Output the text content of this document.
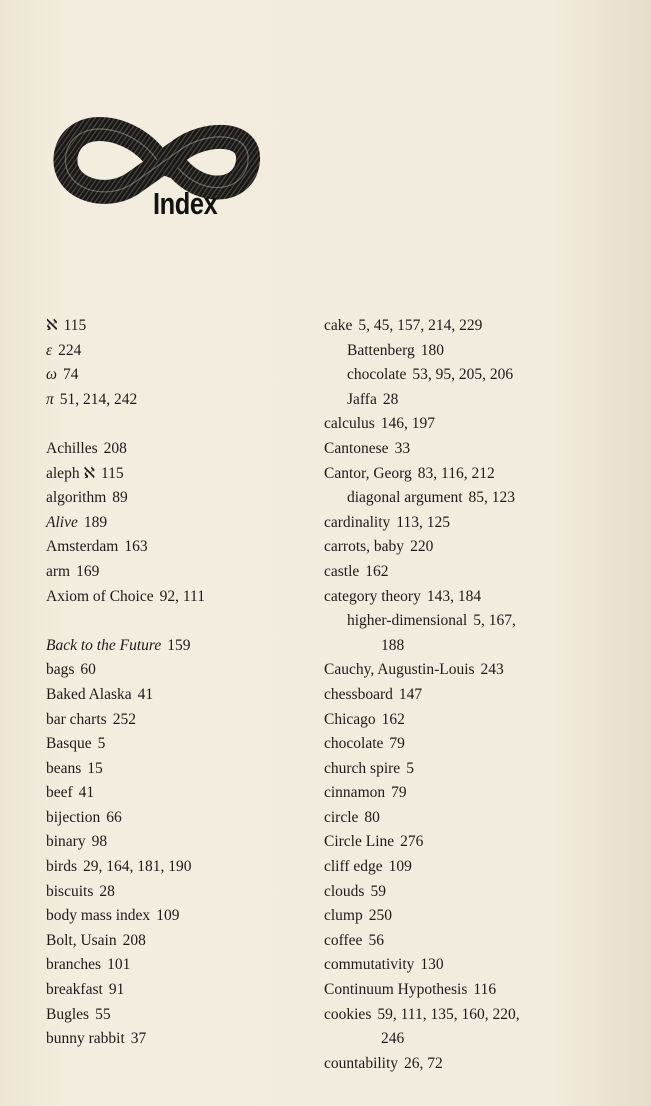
Index
ℵ 115
ε 224
ω 74
π 51, 214, 242
Achilles 208
aleph ℵ 115
algorithm 89
Alive 189
Amsterdam 163
arm 169
Axiom of Choice 92, 111
Back to the Future 159
bags 60
Baked Alaska 41
bar charts 252
Basque 5
beans 15
beef 41
bijection 66
binary 98
birds 29, 164, 181, 190
biscuits 28
body mass index 109
Bolt, Usain 208
branches 101
breakfast 91
Bugles 55
bunny rabbit 37
cake 5, 45, 157, 214, 229
Battenberg 180
chocolate 53, 95, 205, 206
Jaffa 28
calculus 146, 197
Cantonese 33
Cantor, Georg 83, 116, 212
diagonal argument 85, 123
cardinality 113, 125
carrots, baby 220
castle 162
category theory 143, 184
higher-dimensional 5, 167,
188
Cauchy, Augustin-Louis 243
chessboard 147
Chicago 162
chocolate 79
church spire 5
cinnamon 79
circle 80
Circle Line 276
cliff edge 109
clouds 59
clump 250
coffee 56
commutativity 130
Continuum Hypothesis 116
cookies 59, 111, 135, 160, 220,
246
countability 26, 72
